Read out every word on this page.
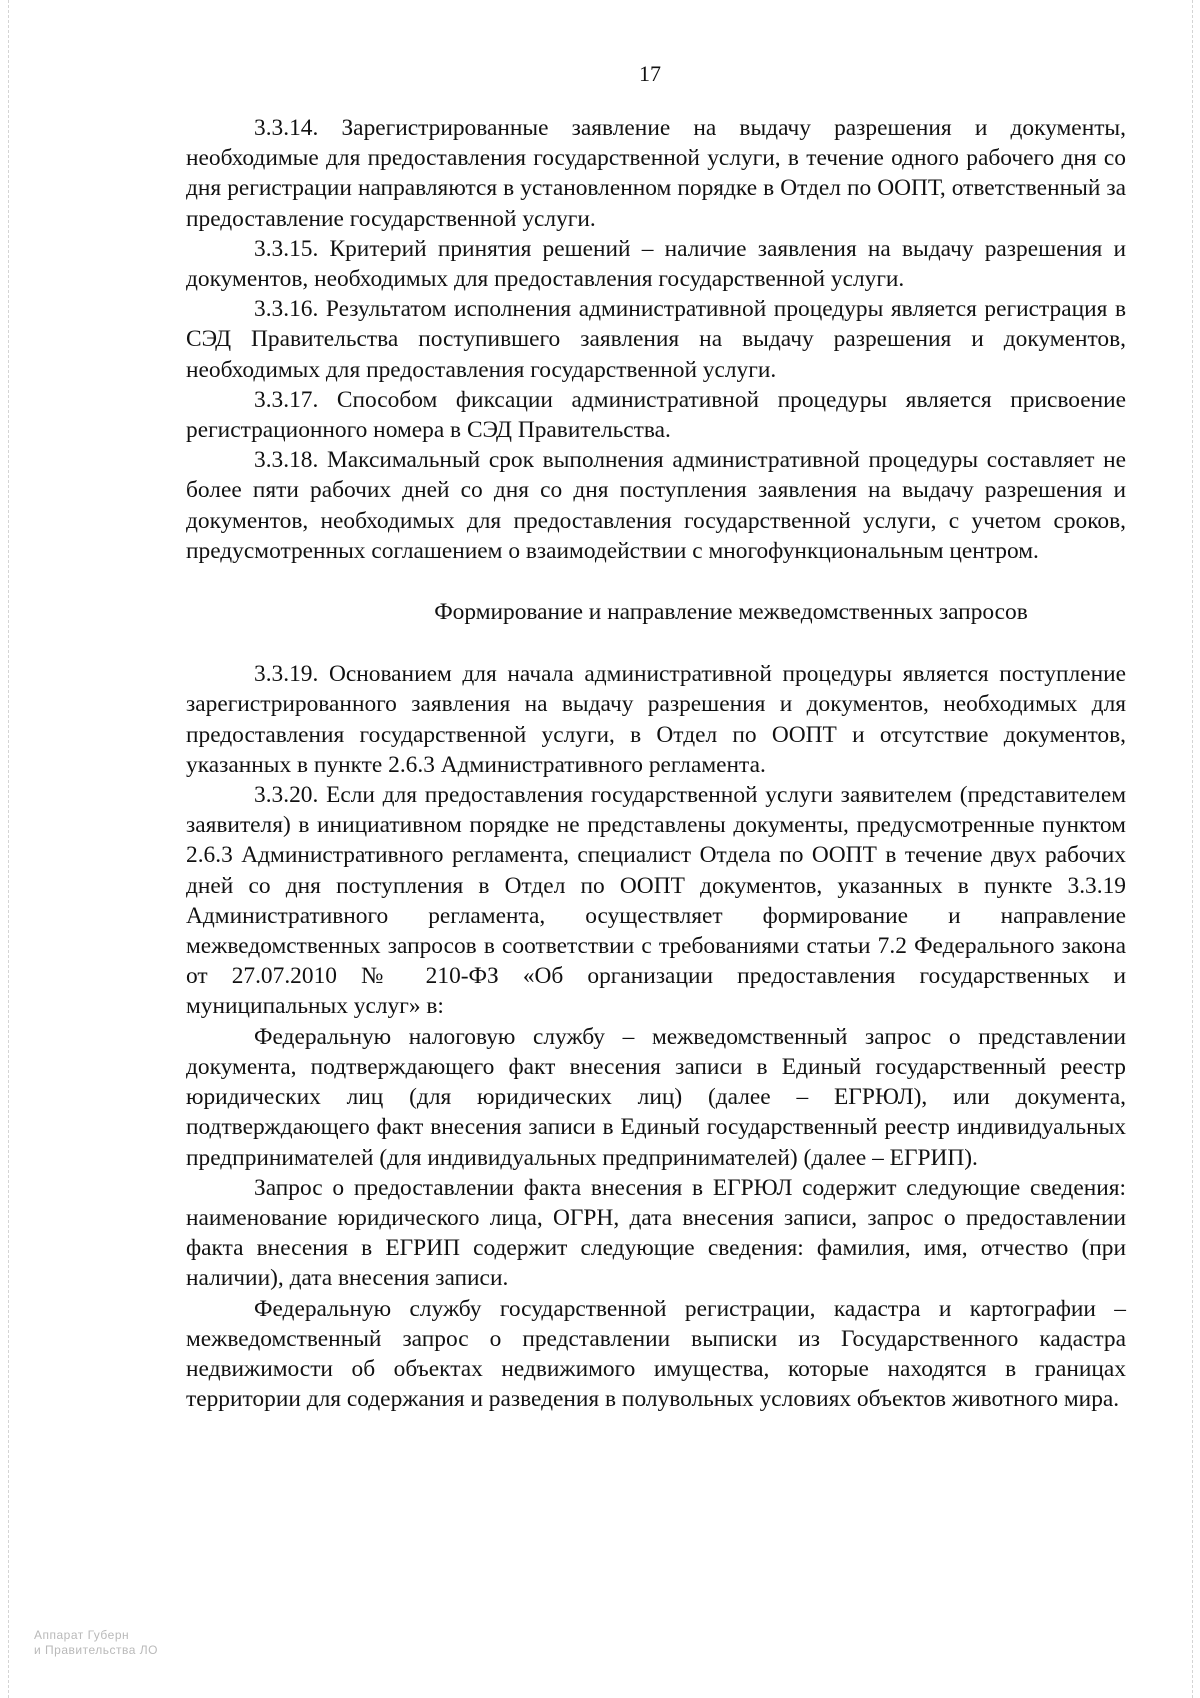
17

3.3.14. Зарегистрированные заявление на выдачу разрешения и документы, необходимые для предоставления государственной услуги, в течение одного рабочего дня со дня регистрации направляются в установленном порядке в Отдел по ООПТ, ответственный за предоставление государственной услуги.

3.3.15. Критерий принятия решений – наличие заявления на выдачу разрешения и документов, необходимых для предоставления государственной услуги.

3.3.16. Результатом исполнения административной процедуры является регистрация в СЭД Правительства поступившего заявления на выдачу разрешения и документов, необходимых для предоставления государственной услуги.

3.3.17. Способом фиксации административной процедуры является присвоение регистрационного номера в СЭД Правительства.

3.3.18. Максимальный срок выполнения административной процедуры составляет не более пяти рабочих дней со дня со дня поступления заявления на выдачу разрешения и документов, необходимых для предоставления государственной услуги, с учетом сроков, предусмотренных соглашением о взаимодействии с многофункциональным центром.

Формирование и направление межведомственных запросов

3.3.19. Основанием для начала административной процедуры является поступление зарегистрированного заявления на выдачу разрешения и документов, необходимых для предоставления государственной услуги, в Отдел по ООПТ и отсутствие документов, указанных в пункте 2.6.3 Административного регламента.

3.3.20. Если для предоставления государственной услуги заявителем (представителем заявителя) в инициативном порядке не представлены документы, предусмотренные пунктом 2.6.3 Административного регламента, специалист Отдела по ООПТ в течение двух рабочих дней со дня поступления в Отдел по ООПТ документов, указанных в пункте 3.3.19 Административного регламента, осуществляет формирование и направление межведомственных запросов в соответствии с требованиями статьи 7.2 Федерального закона от 27.07.2010 № 210-ФЗ «Об организации предоставления государственных и муниципальных услуг» в:

Федеральную налоговую службу – межведомственный запрос о представлении документа, подтверждающего факт внесения записи в Единый государственный реестр юридических лиц (для юридических лиц) (далее – ЕГРЮЛ), или документа, подтверждающего факт внесения записи в Единый государственный реестр индивидуальных предпринимателей (для индивидуальных предпринимателей) (далее – ЕГРИП).

Запрос о предоставлении факта внесения в ЕГРЮЛ содержит следующие сведения: наименование юридического лица, ОГРН, дата внесения записи, запрос о предоставлении факта внесения в ЕГРИП содержит следующие сведения: фамилия, имя, отчество (при наличии), дата внесения записи.

Федеральную службу государственной регистрации, кадастра и картографии – межведомственный запрос о представлении выписки из Государственного кадастра недвижимости об объектах недвижимого имущества, которые находятся в границах территории для содержания и разведения в полувольных условиях объектов животного мира.

Аппарат Губерн
и Правительства ЛО
